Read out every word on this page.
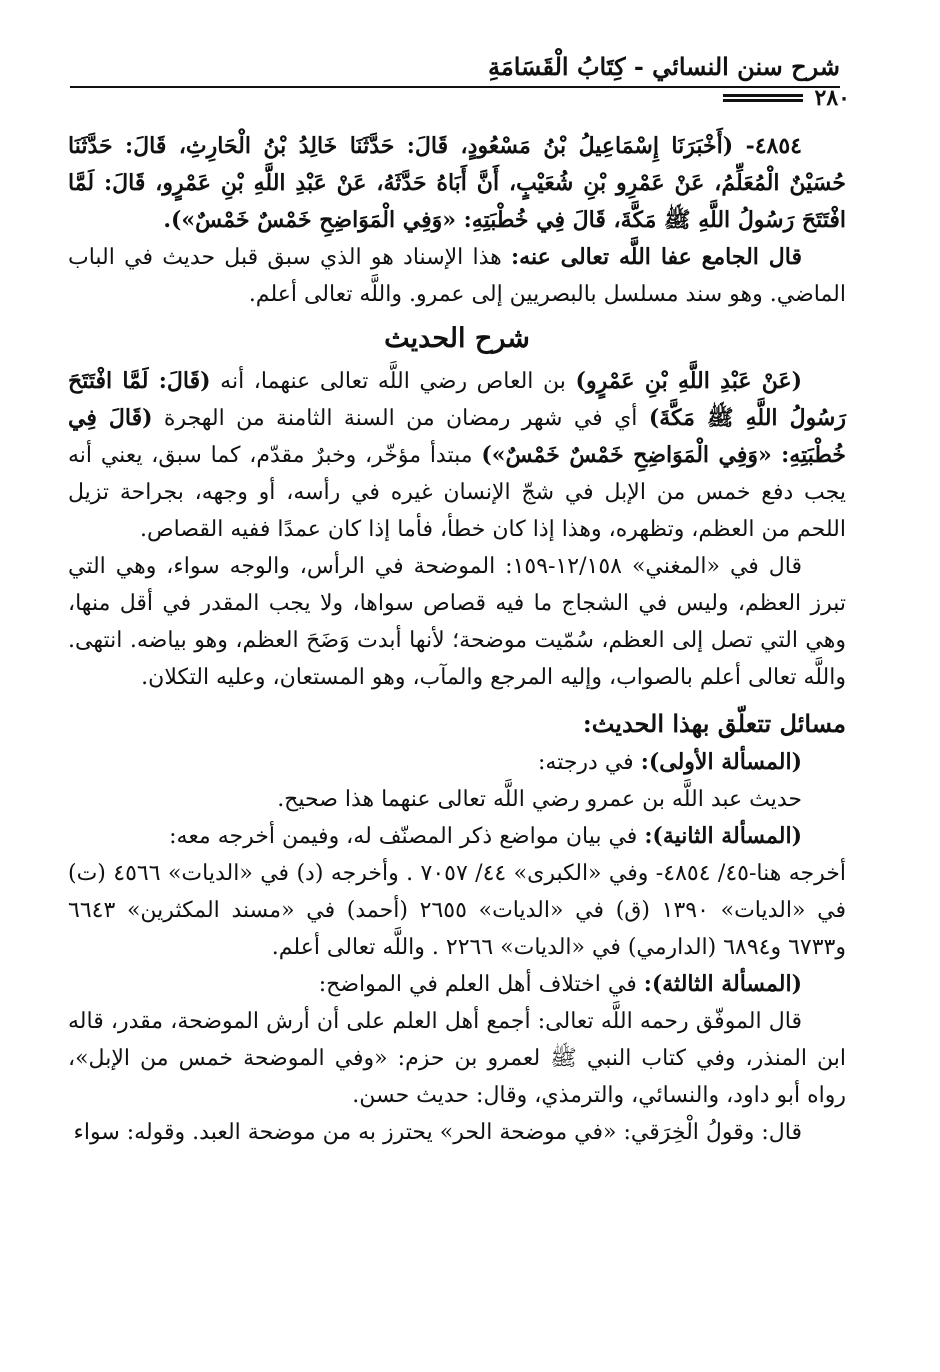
شرح سنن النسائي - كِتَابُ الْقَسَامَةِ
٢٨٠

٤٨٥٤- (أَخْبَرَنَا إِسْمَاعِيلُ بْنُ مَسْعُودٍ، قَالَ: حَدَّثَنَا خَالِدُ بْنُ الْحَارِثِ، قَالَ: حَدَّثَنَا حُسَيْنٌ الْمُعَلِّمُ، عَنْ عَمْرِو بْنِ شُعَيْبٍ، أَنَّ أَبَاهُ حَدَّثَهُ، عَنْ عَبْدِ اللَّهِ بْنِ عَمْرٍو، قَالَ: لَمَّا افْتَتَحَ رَسُولُ اللَّهِ ﷺ مَكَّةَ، قَالَ فِي خُطْبَتِهِ: «وَفِي الْمَوَاضِحِ خَمْسٌ خَمْسٌ»).

قال الجامع عفا اللَّه تعالى عنه: هذا الإسناد هو الذي سبق قبل حديث في الباب الماضي. وهو سند مسلسل بالبصريين إلى عمرو. واللَّه تعالى أعلم.

شرح الحديث

(عَنْ عَبْدِ اللَّهِ بْنِ عَمْرٍو) بن العاص رضي اللَّه تعالى عنهما، أنه (قَالَ: لَمَّا افْتَتَحَ رَسُولُ اللَّهِ ﷺ مَكَّةَ) أي في شهر رمضان من السنة الثامنة من الهجرة (قَالَ فِي خُطْبَتِهِ: «وَفِي الْمَوَاضِحِ خَمْسٌ خَمْسٌ») مبتدأ مؤخّر، وخبرٌ مقدّم، كما سبق، يعني أنه يجب دفع خمس من الإبل في شجّ الإنسان غيره في رأسه، أو وجهه، بجراحة تزيل اللحم من العظم، وتظهره، وهذا إذا كان خطأ، فأما إذا كان عمدًا ففيه القصاص.

قال في «المغني» ١٢/١٥٨-١٥٩: الموضحة في الرأس، والوجه سواء، وهي التي تبرز العظم، وليس في الشجاج ما فيه قصاص سواها، ولا يجب المقدر في أقل منها، وهي التي تصل إلى العظم، سُمّيت موضحة؛ لأنها أبدت وَضَحَ العظم، وهو بياضه. انتهى. واللَّه تعالى أعلم بالصواب، وإليه المرجع والمآب، وهو المستعان، وعليه التكلان.

مسائل تتعلّق بهذا الحديث:

(المسألة الأولى): في درجته:

حديث عبد اللَّه بن عمرو رضي اللَّه تعالى عنهما هذا صحيح.

(المسألة الثانية): في بيان مواضع ذكر المصنّف له، وفيمن أخرجه معه:

أخرجه هنا-٤٥/ ٤٨٥٤- وفي «الكبرى» ٤٤/ ٧٠٥٧ . وأخرجه (د) في «الديات» ٤٥٦٦ (ت) في «الديات» ١٣٩٠ (ق) في «الديات» ٢٦٥٥ (أحمد) في «مسند المكثرين» ٦٦٤٣ و٦٧٣٣ و٦٨٩٤ (الدارمي) في «الديات» ٢٢٦٦ . واللَّه تعالى أعلم.

(المسألة الثالثة): في اختلاف أهل العلم في المواضح:

قال الموفّق رحمه اللَّه تعالى: أجمع أهل العلم على أن أرش الموضحة، مقدر، قاله ابن المنذر، وفي كتاب النبي ﷺ لعمرو بن حزم: «وفي الموضحة خمس من الإبل»، رواه أبو داود، والنسائي، والترمذي، وقال: حديث حسن.

قال: وقولُ الْخِرَقي: «في موضحة الحر» يحترز به من موضحة العبد. وقوله: سواء
